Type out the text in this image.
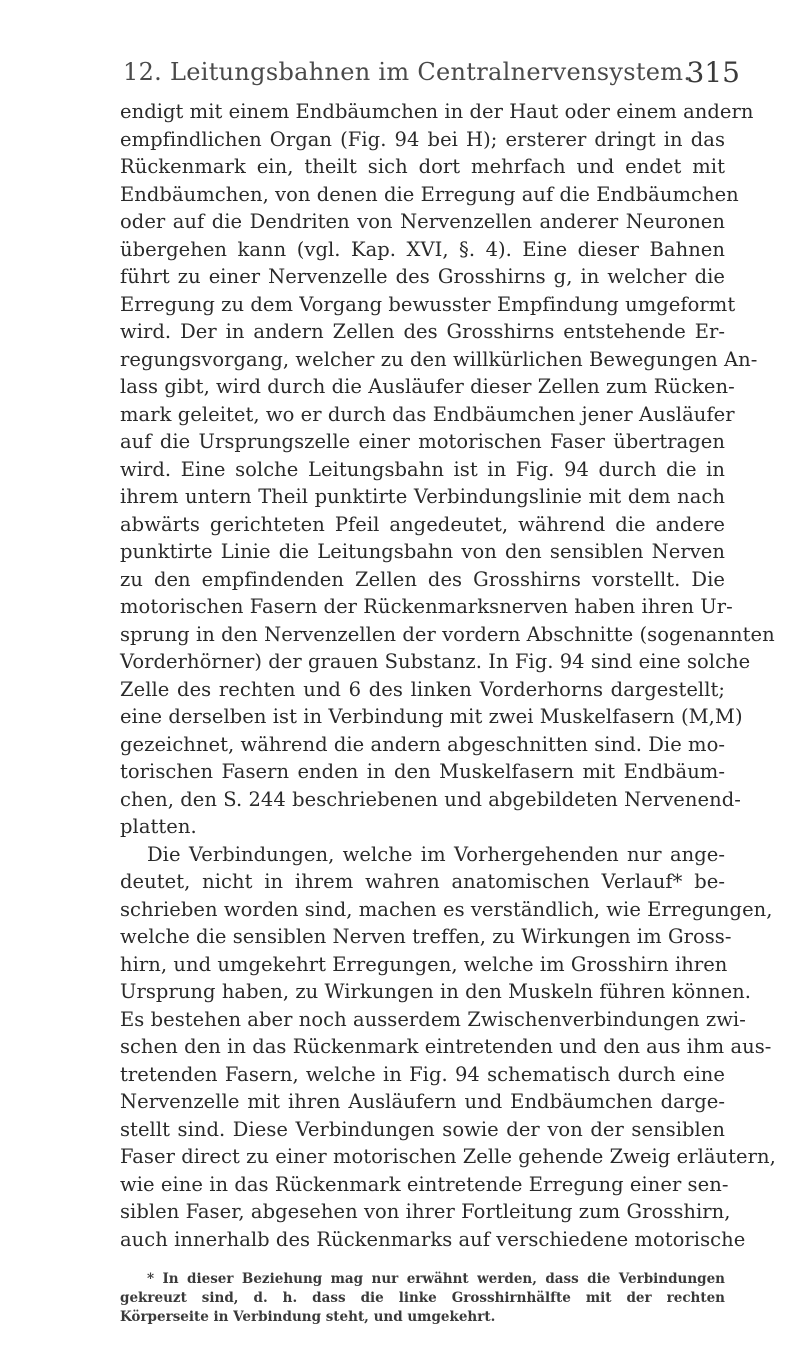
12. Leitungsbahnen im Centralnervensystem.
315
endigt mit einem Endbäumchen in der Haut oder einem andern
empfindlichen Organ (Fig. 94 bei H); ersterer dringt in das
Rückenmark ein, theilt sich dort mehrfach und endet mit
Endbäumchen, von denen die Erregung auf die Endbäumchen
oder auf die Dendriten von Nervenzellen anderer Neuronen
übergehen kann (vgl. Kap. XVI, §. 4). Eine dieser Bahnen
führt zu einer Nervenzelle des Grosshirns g, in welcher die
Erregung zu dem Vorgang bewusster Empfindung umgeformt
wird. Der in andern Zellen des Grosshirns entstehende Er-
regungsvorgang, welcher zu den willkürlichen Bewegungen An-
lass gibt, wird durch die Ausläufer dieser Zellen zum Rücken-
mark geleitet, wo er durch das Endbäumchen jener Ausläufer
auf die Ursprungszelle einer motorischen Faser übertragen
wird. Eine solche Leitungsbahn ist in Fig. 94 durch die in
ihrem untern Theil punktirte Verbindungslinie mit dem nach
abwärts gerichteten Pfeil angedeutet, während die andere
punktirte Linie die Leitungsbahn von den sensiblen Nerven
zu den empfindenden Zellen des Grosshirns vorstellt. Die
motorischen Fasern der Rückenmarksnerven haben ihren Ur-
sprung in den Nervenzellen der vordern Abschnitte (sogenannten
Vorderhörner) der grauen Substanz. In Fig. 94 sind eine solche
Zelle des rechten und 6 des linken Vorderhorns dargestellt;
eine derselben ist in Verbindung mit zwei Muskelfasern (M,M)
gezeichnet, während die andern abgeschnitten sind. Die mo-
torischen Fasern enden in den Muskelfasern mit Endbäum-
chen, den S. 244 beschriebenen und abgebildeten Nervenend-
platten.
Die Verbindungen, welche im Vorhergehenden nur ange-
deutet, nicht in ihrem wahren anatomischen Verlauf* be-
schrieben worden sind, machen es verständlich, wie Erregungen,
welche die sensiblen Nerven treffen, zu Wirkungen im Gross-
hirn, und umgekehrt Erregungen, welche im Grosshirn ihren
Ursprung haben, zu Wirkungen in den Muskeln führen können.
Es bestehen aber noch ausserdem Zwischenverbindungen zwi-
schen den in das Rückenmark eintretenden und den aus ihm aus-
tretenden Fasern, welche in Fig. 94 schematisch durch eine
Nervenzelle mit ihren Ausläufern und Endbäumchen darge-
stellt sind. Diese Verbindungen sowie der von der sensiblen
Faser direct zu einer motorischen Zelle gehende Zweig erläutern,
wie eine in das Rückenmark eintretende Erregung einer sen-
siblen Faser, abgesehen von ihrer Fortleitung zum Grosshirn,
auch innerhalb des Rückenmarks auf verschiedene motorische
* In dieser Beziehung mag nur erwähnt werden, dass die Verbindungen
gekreuzt sind, d. h. dass die linke Grosshirnhälfte mit der rechten
Körperseite in Verbindung steht, und umgekehrt.
